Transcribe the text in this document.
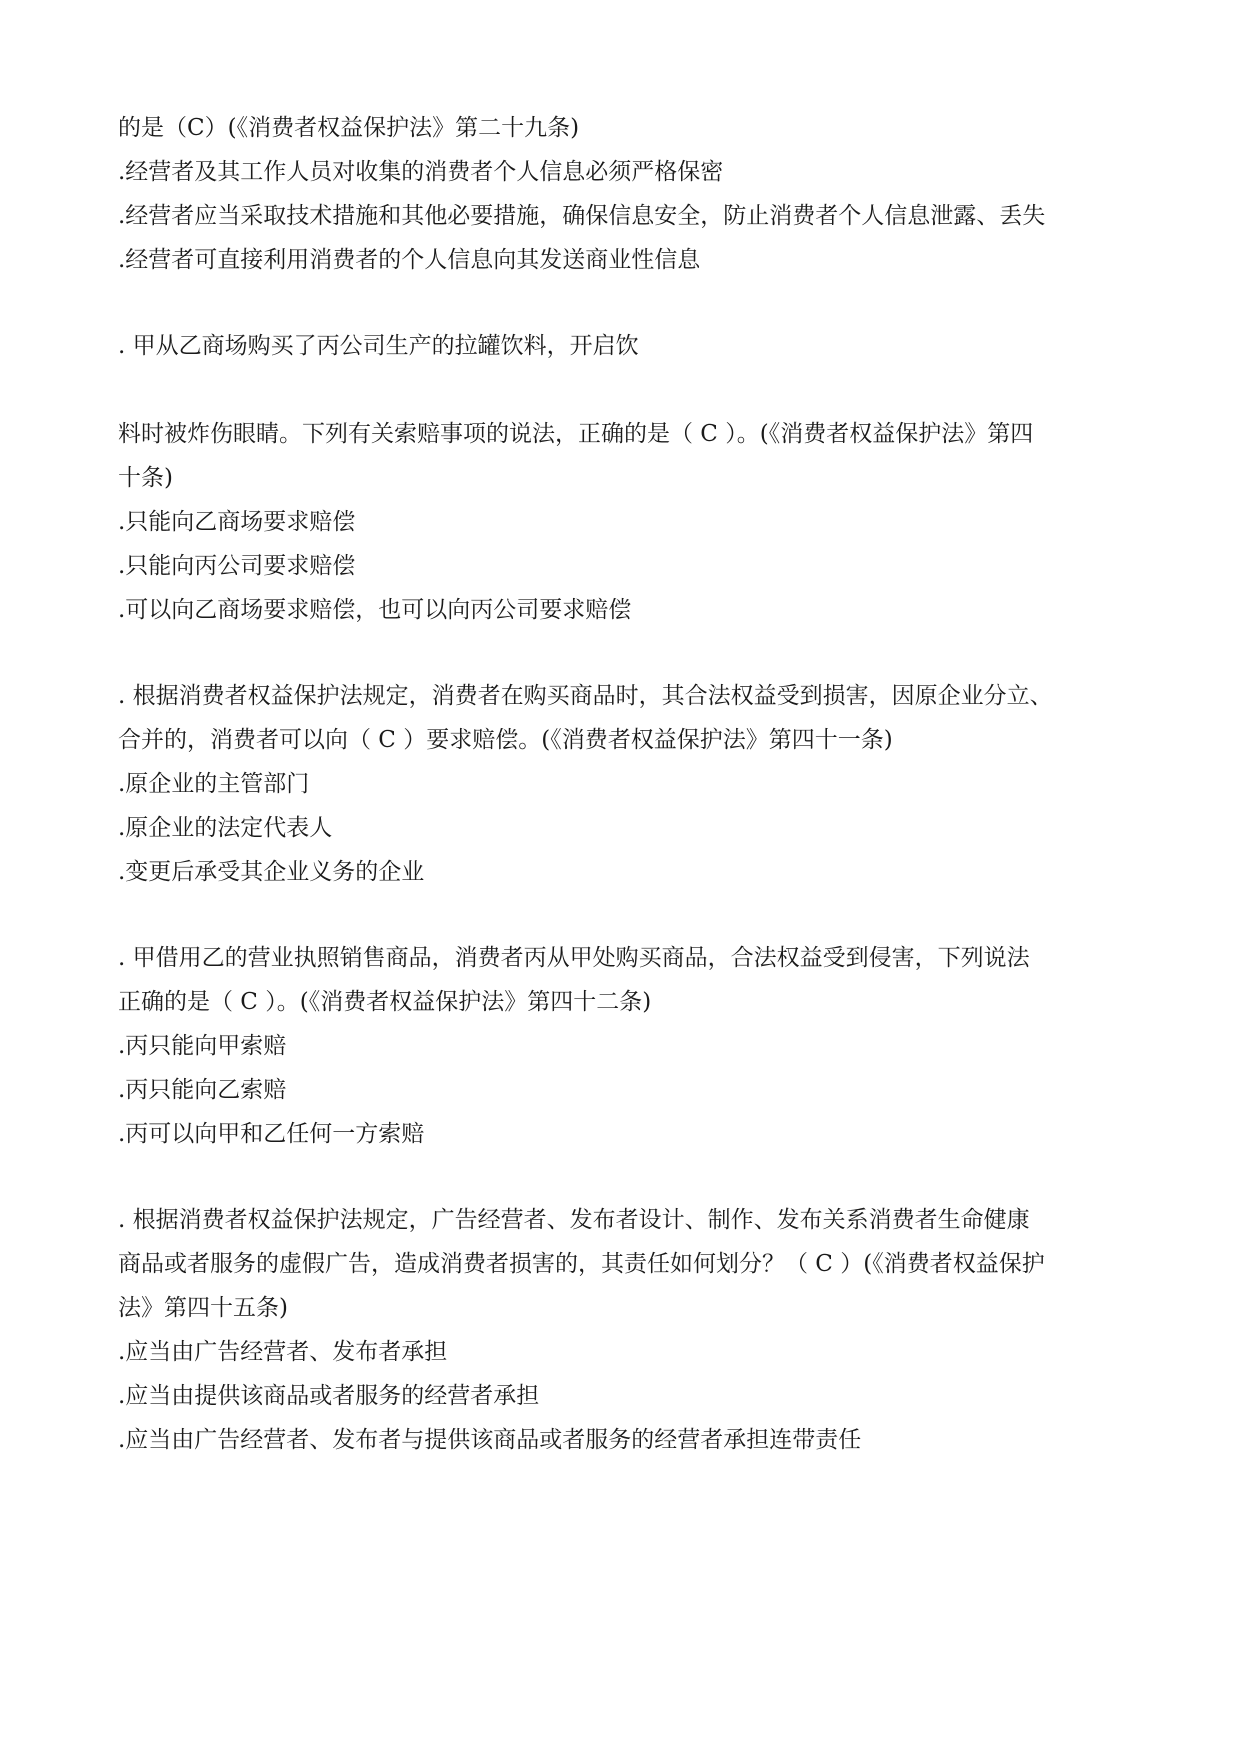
的是（C）(《消费者权益保护法》第二十九条)
.经营者及其工作人员对收集的消费者个人信息必须严格保密
.经营者应当采取技术措施和其他必要措施，确保信息安全，防止消费者个人信息泄露、丢失
.经营者可直接利用消费者的个人信息向其发送商业性信息
. 甲从乙商场购买了丙公司生产的拉罐饮料，开启饮
料时被炸伤眼睛。下列有关索赔事项的说法，正确的是（ C ）。(《消费者权益保护法》第四
十条)
.只能向乙商场要求赔偿
.只能向丙公司要求赔偿
.可以向乙商场要求赔偿，也可以向丙公司要求赔偿
. 根据消费者权益保护法规定，消费者在购买商品时，其合法权益受到损害，因原企业分立、
合并的，消费者可以向（ C ）要求赔偿。(《消费者权益保护法》第四十一条)
.原企业的主管部门
.原企业的法定代表人
.变更后承受其企业义务的企业
. 甲借用乙的营业执照销售商品，消费者丙从甲处购买商品，合法权益受到侵害，下列说法
正确的是（ C ）。(《消费者权益保护法》第四十二条)
.丙只能向甲索赔
.丙只能向乙索赔
.丙可以向甲和乙任何一方索赔
. 根据消费者权益保护法规定，广告经营者、发布者设计、制作、发布关系消费者生命健康
商品或者服务的虚假广告，造成消费者损害的，其责任如何划分？（ C ）(《消费者权益保护
法》第四十五条)
.应当由广告经营者、发布者承担
.应当由提供该商品或者服务的经营者承担
.应当由广告经营者、发布者与提供该商品或者服务的经营者承担连带责任
